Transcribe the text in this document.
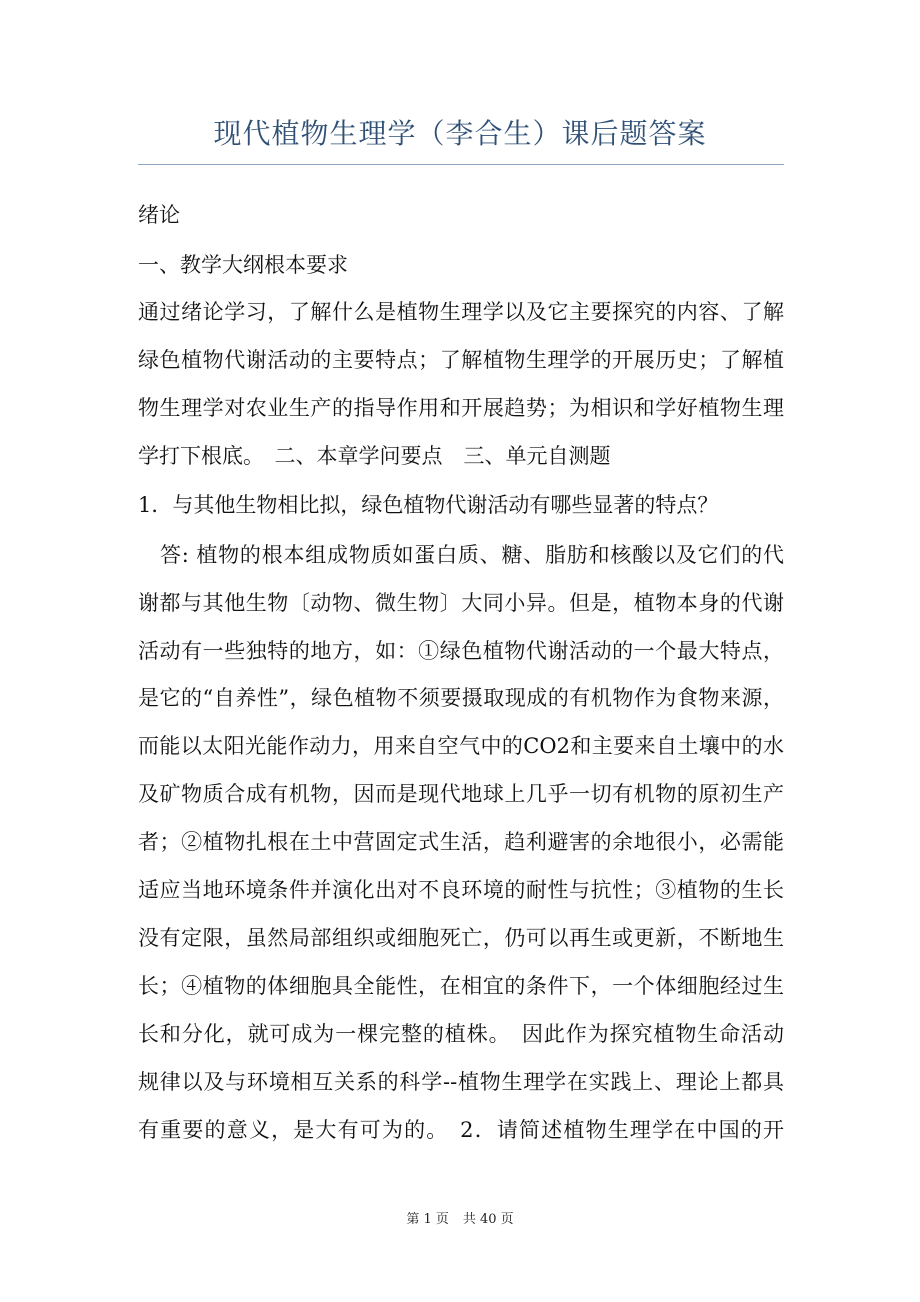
现代植物生理学（李合生）课后题答案
绪论
一、教学大纲根本要求
通过绪论学习，了解什么是植物生理学以及它主要探究的内容、了解
绿色植物代谢活动的主要特点；了解植物生理学的开展历史；了解植
物生理学对农业生产的指导作用和开展趋势；为相识和学好植物生理
学打下根底。　二、本章学问要点　三、单元自测题
1．与其他生物相比拟，绿色植物代谢活动有哪些显著的特点？
答: 植物的根本组成物质如蛋白质、糖、脂肪和核酸以及它们的代
谢都与其他生物〔动物、微生物〕大同小异。但是，植物本身的代谢
活动有一些独特的地方，如：①绿色植物代谢活动的一个最大特点，
是它的“自养性”，绿色植物不须要摄取现成的有机物作为食物来源，
而能以太阳光能作动力，用来自空气中的CO2和主要来自土壤中的水
及矿物质合成有机物，因而是现代地球上几乎一切有机物的原初生产
者；②植物扎根在土中营固定式生活，趋利避害的余地很小，必需能
适应当地环境条件并演化出对不良环境的耐性与抗性；③植物的生长
没有定限，虽然局部组织或细胞死亡，仍可以再生或更新，不断地生
长；④植物的体细胞具全能性，在相宜的条件下，一个体细胞经过生
长和分化，就可成为一棵完整的植株。　因此作为探究植物生命活动
规律以及与环境相互关系的科学--植物生理学在实践上、理论上都具
有重要的意义，是大有可为的。　2．请简述植物生理学在中国的开
第 1 页 共 40 页
